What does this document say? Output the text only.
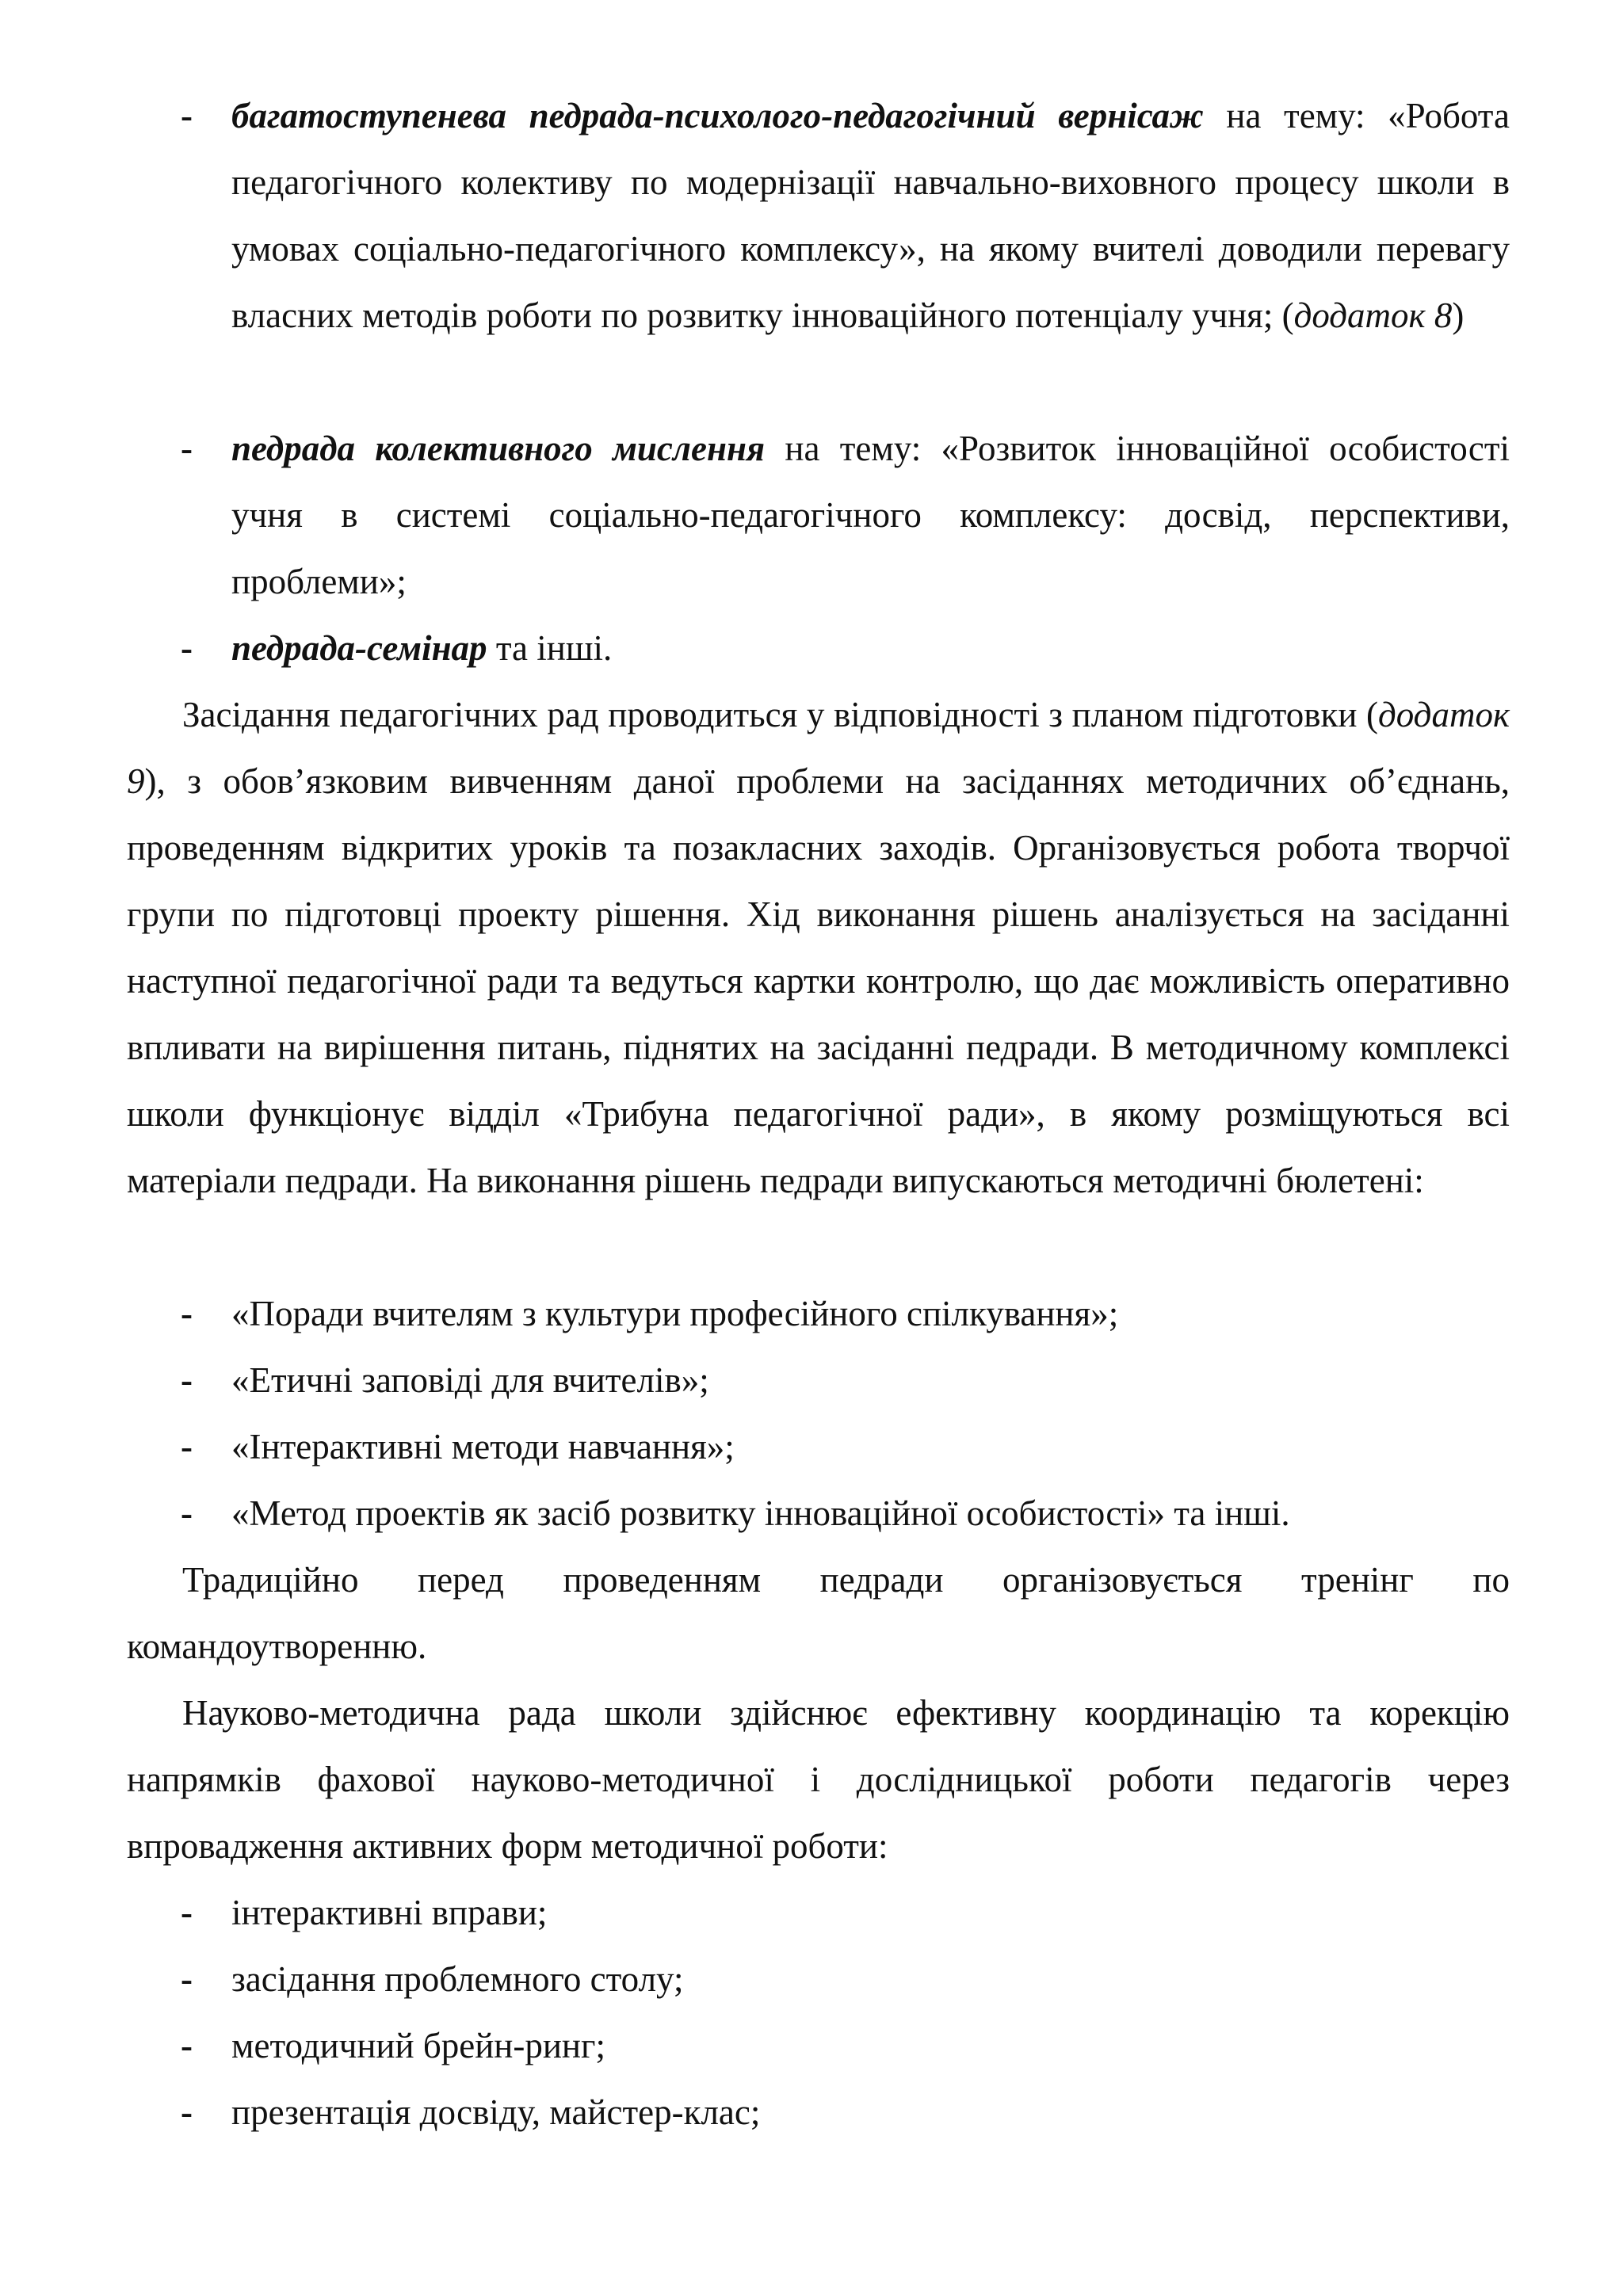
- багатоступенева педрада-психолого-педагогічний вернісаж на тему: «Робота педагогічного колективу по модернізації навчально-виховного процесу школи в умовах соціально-педагогічного комплексу», на якому вчителі доводили перевагу власних методів роботи по розвитку інноваційного потенціалу учня; (додаток 8)
- педрада колективного мислення на тему: «Розвиток інноваційної особистості учня в системі соціально-педагогічного комплексу: досвід, перспективи, проблеми»;
- педрада-семінар та інші.
Засідання педагогічних рад проводиться у відповідності з планом підготовки (додаток 9), з обов’язковим вивченням даної проблеми на засіданнях методичних об’єднань, проведенням відкритих уроків та позакласних заходів. Організовується робота творчої групи по підготовці проекту рішення. Хід виконання рішень аналізується на засіданні наступної педагогічної ради та ведуться картки контролю, що дає можливість оперативно впливати на вирішення питань, піднятих на засіданні педради. В методичному комплексі школи функціонує відділ «Трибуна педагогічної ради», в якому розміщуються всі матеріали педради. На виконання рішень педради випускаються методичні бюлетені:
- «Поради вчителям з культури професійного спілкування»;
- «Етичні заповіді для вчителів»;
- «Інтерактивні методи навчання»;
- «Метод проектів як засіб розвитку інноваційної особистості» та інші.
Традиційно перед проведенням педради організовується тренінг по командоутворенню.
Науково-методична рада школи здійснює ефективну координацію та корекцію напрямків фахової науково-методичної і дослідницької роботи педагогів через впровадження активних форм методичної роботи:
- інтерактивні вправи;
- засідання проблемного столу;
- методичний брейн-ринг;
- презентація досвіду, майстер-клас;
